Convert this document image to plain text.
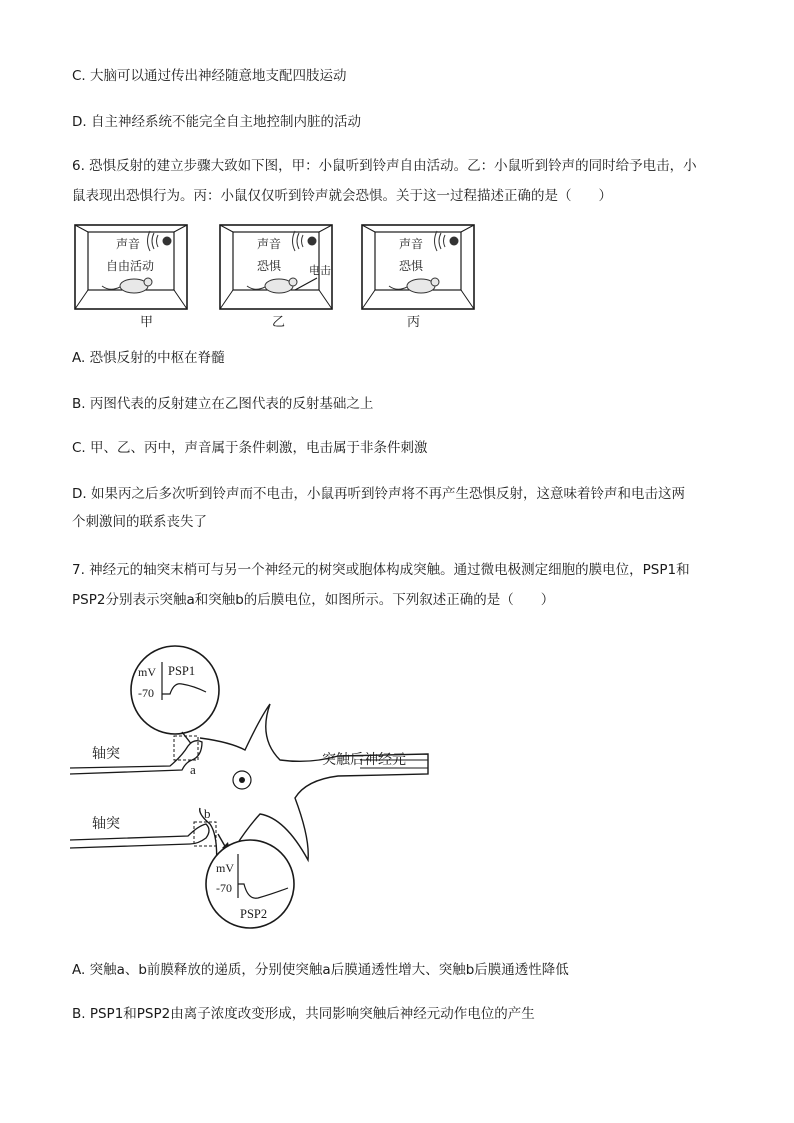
C. 大脑可以通过传出神经随意地支配四肢运动
D. 自主神经系统不能完全自主地控制内脏的活动
6. 恐惧反射的建立步骤大致如下图，甲：小鼠听到铃声自由活动。乙：小鼠听到铃声的同时给予电击，小
鼠表现出恐惧行为。丙：小鼠仅仅听到铃声就会恐惧。关于这一过程描述正确的是（　　）
声音
自由活动
甲
声音
恐惧	电击
乙
声音
恐惧
丙
A. 恐惧反射的中枢在脊髓
B. 丙图代表的反射建立在乙图代表的反射基础之上
C. 甲、乙、丙中，声音属于条件刺激，电击属于非条件刺激
D. 如果丙之后多次听到铃声而不电击，小鼠再听到铃声将不再产生恐惧反射，这意味着铃声和电击这两
个刺激间的联系丧失了
7. 神经元的轴突末梢可与另一个神经元的树突或胞体构成突触。通过微电极测定细胞的膜电位，PSP1和
PSP2分别表示突触a和突触b的后膜电位，如图所示。下列叙述正确的是（　　）
mV
-70
PSP1
轴突
a
轴突
b
突触后神经元
mV
-70
PSP2
A. 突触a、b前膜释放的递质，分别使突触a后膜通透性增大、突触b后膜通透性降低
B. PSP1和PSP2由离子浓度改变形成，共同影响突触后神经元动作电位的产生
